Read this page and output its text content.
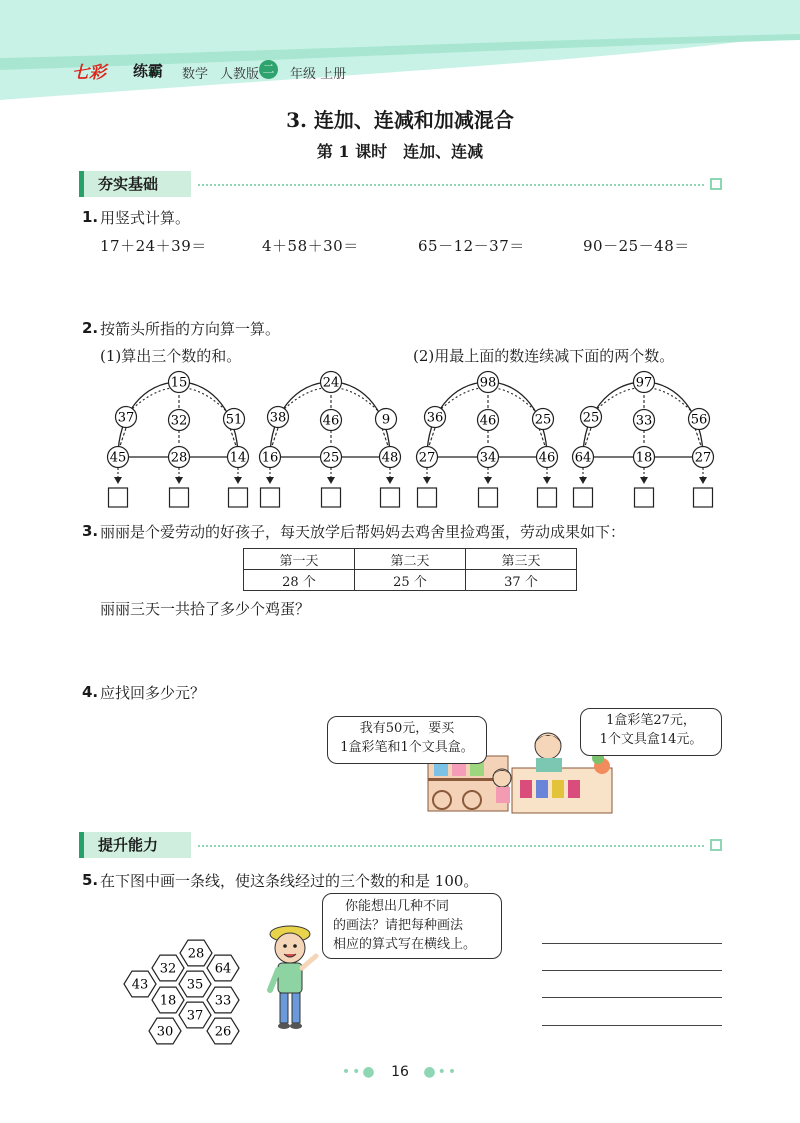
七彩 练霸 数学 人教版 二 年级 上册
3. 连加、连减和加减混合
第 1 课时　连加、连减
夯实基础
1. 用竖式计算。
17＋24＋39＝	4＋58＋30＝	65－12－37＝	90－25－48＝
2. 按箭头所指的方向算一算。
(1)算出三个数的和。	(2)用最上面的数连续减下面的两个数。
15
37	32	51
45	28	14
24
38	46	9
16	25	48
98
36	46	25
27	34	46
97
25	33	56
64	18	27
3. 丽丽是个爱劳动的好孩子，每天放学后帮妈妈去鸡舍里捡鸡蛋，劳动成果如下：
第一天	第二天	第三天
28 个	25 个	37 个
丽丽三天一共拾了多少个鸡蛋？
4. 应找回多少元？
我有50元，要买
1盒彩笔和1个文具盒。
1盒彩笔27元，
1个文具盒14元。
提升能力
5. 在下图中画一条线，使这条线经过的三个数的和是 100。
28
32	64
43	35
18	33
30
37
26
你能想出几种不同
的画法？请把每种画法
相应的算式写在横线上。
••● 16 ●••
